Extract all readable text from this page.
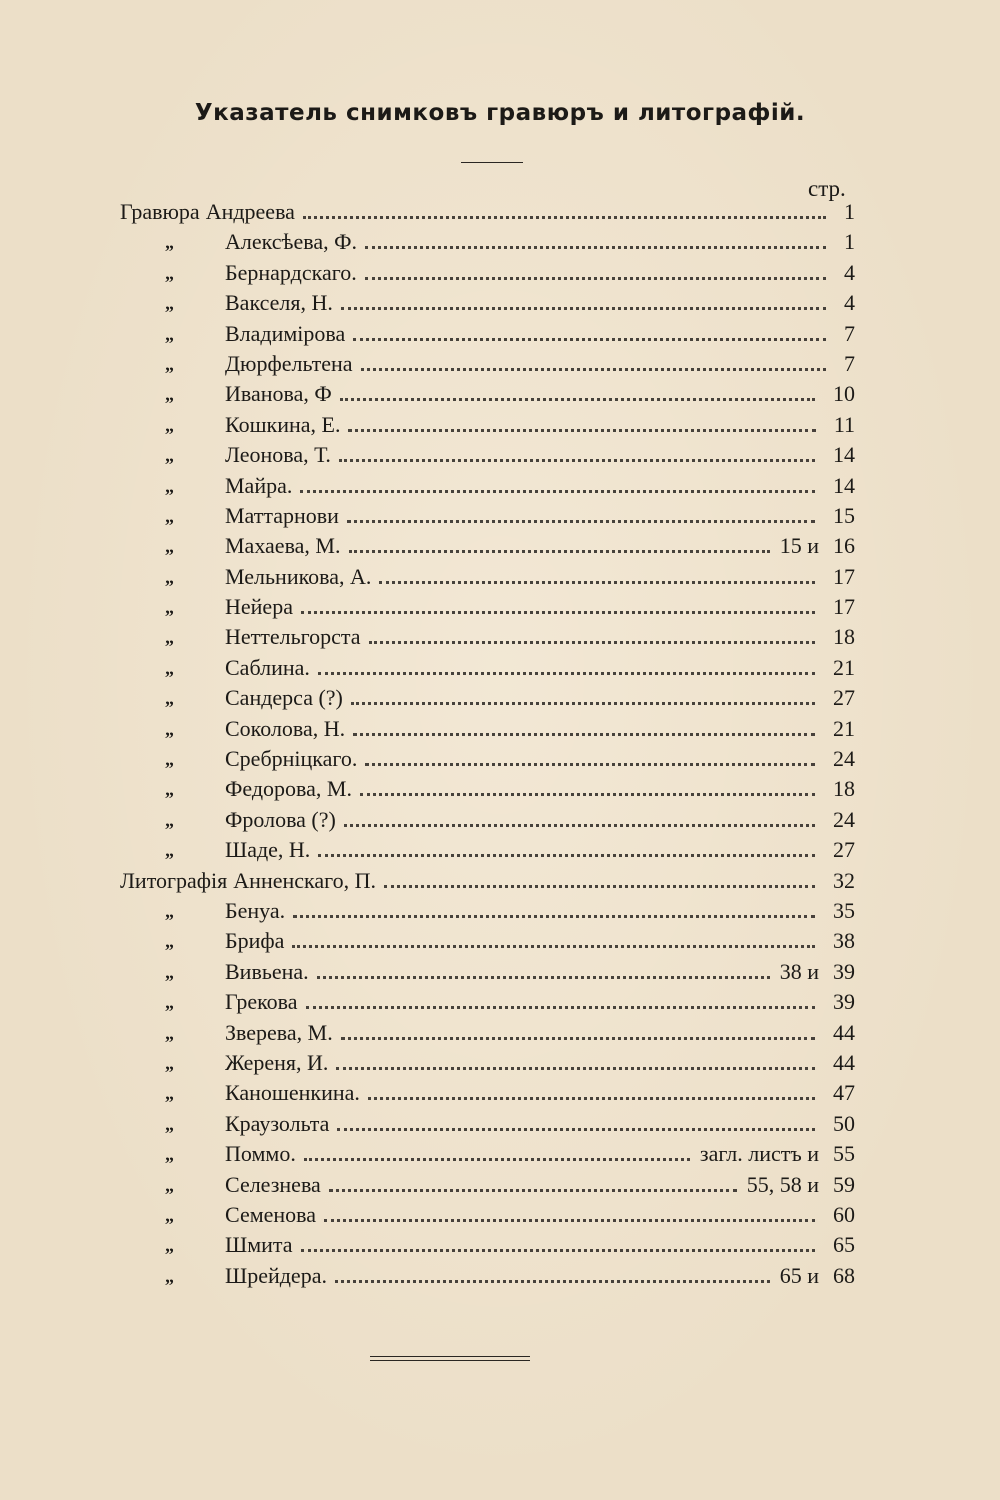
Указатель снимковъ гравюръ и литографій.
стр.
Гравюра Андреева	1
„ Алексѣева, Ф.	1
„ Бернардскаго.	4
„ Вакселя, Н.	4
„ Владимірова	7
„ Дюрфельтена	7
„ Иванова, Ф	10
„ Кошкина, Е.	11
„ Леонова, Т.	14
„ Майра.	14
„ Маттарнови	15
„ Махаева, М.	15 и 16
„ Мельникова, А.	17
„ Нейера	17
„ Неттельгорста	18
„ Саблина.	21
„ Сандерса (?)	27
„ Соколова, Н.	21
„ Сребрніцкаго.	24
„ Федорова, М.	18
„ Фролова (?)	24
„ Шаде, Н.	27
Литографія Анненскаго, П.	32
„ Бенуа.	35
„ Брифа	38
„ Вивьена.	38 и 39
„ Грекова	39
„ Зверева, М.	44
„ Жереня, И.	44
„ Каношенкина.	47
„ Краузольта	50
„ Поммо.	загл. листъ и 55
„ Селезнева	55, 58 и 59
„ Семенова	60
„ Шмита	65
„ Шрейдера.	65 и 68
